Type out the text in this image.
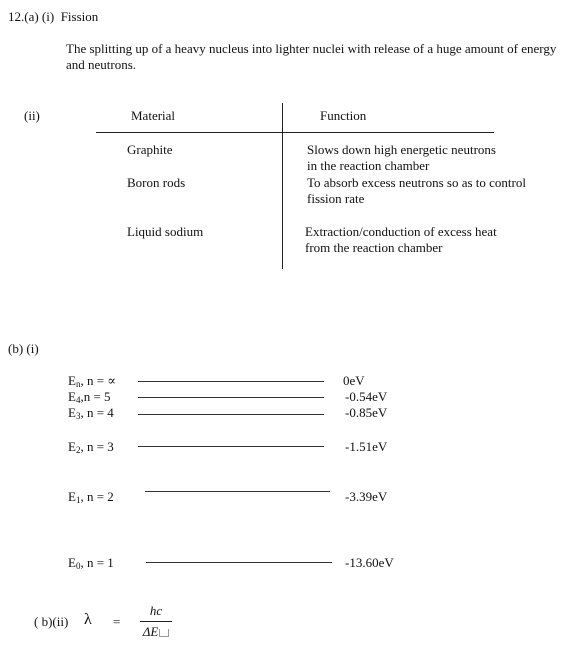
12.(a) (i) Fission
The splitting up of a heavy nucleus into lighter nuclei with release of a huge amount of energy and neutrons.
(ii)	Material	Function
Graphite	Slows down high energetic neutrons in the reaction chamber
Boron rods	To absorb excess neutrons so as to control fission rate
Liquid sodium	Extraction/conduction of excess heat from the reaction chamber
(b) (i)
$E_n$, n = ∝	0eV
$E_4,n = 5$	-0.54eV
$E_3$, n = 4	-0.85eV
$E_2$, n = 3	-1.51eV
$E_1$, n = 2	-3.39eV
$E_0$, n = 1	-13.60eV
( b)(ii) λ =
hc
ΔE
